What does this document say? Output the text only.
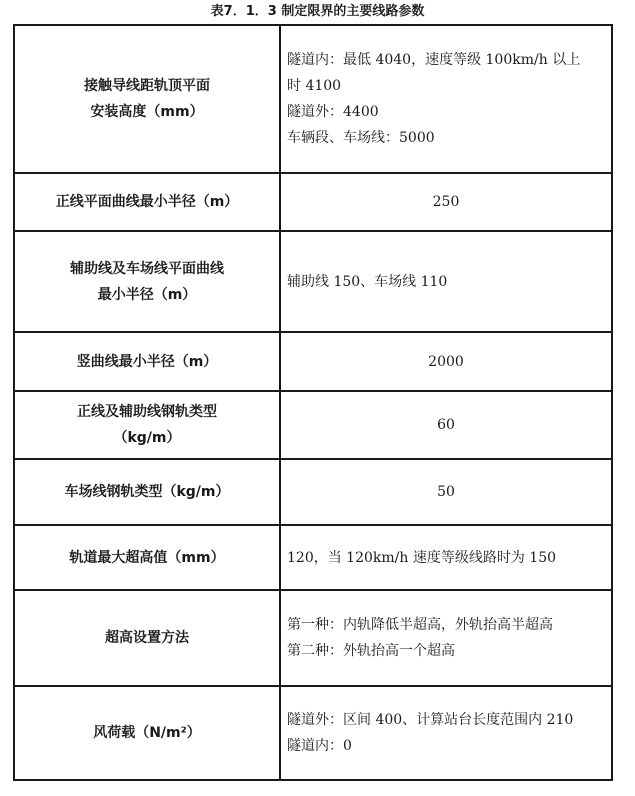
表7．1．3 制定限界的主要线路参数
接触导线距轨顶平面
安装高度（mm）	隧道内：最低 4040，速度等级 100km/h 以上
时 4100
隧道外：4400
车辆段、车场线：5000

正线平面曲线最小半径（m）	250

辅助线及车场线平面曲线
最小半径（m）	辅助线 150、车场线 110

竖曲线最小半径（m）	2000

正线及辅助线钢轨类型
（kg/m）	60

车场线钢轨类型（kg/m）	50

轨道最大超高值（mm）	120，当 120km/h 速度等级线路时为 150

超高设置方法	第一种：内轨降低半超高，外轨抬高半超高
第二种：外轨抬高一个超高

风荷载（N/m²）	隧道外：区间 400、计算站台长度范围内 210
隧道内：0
